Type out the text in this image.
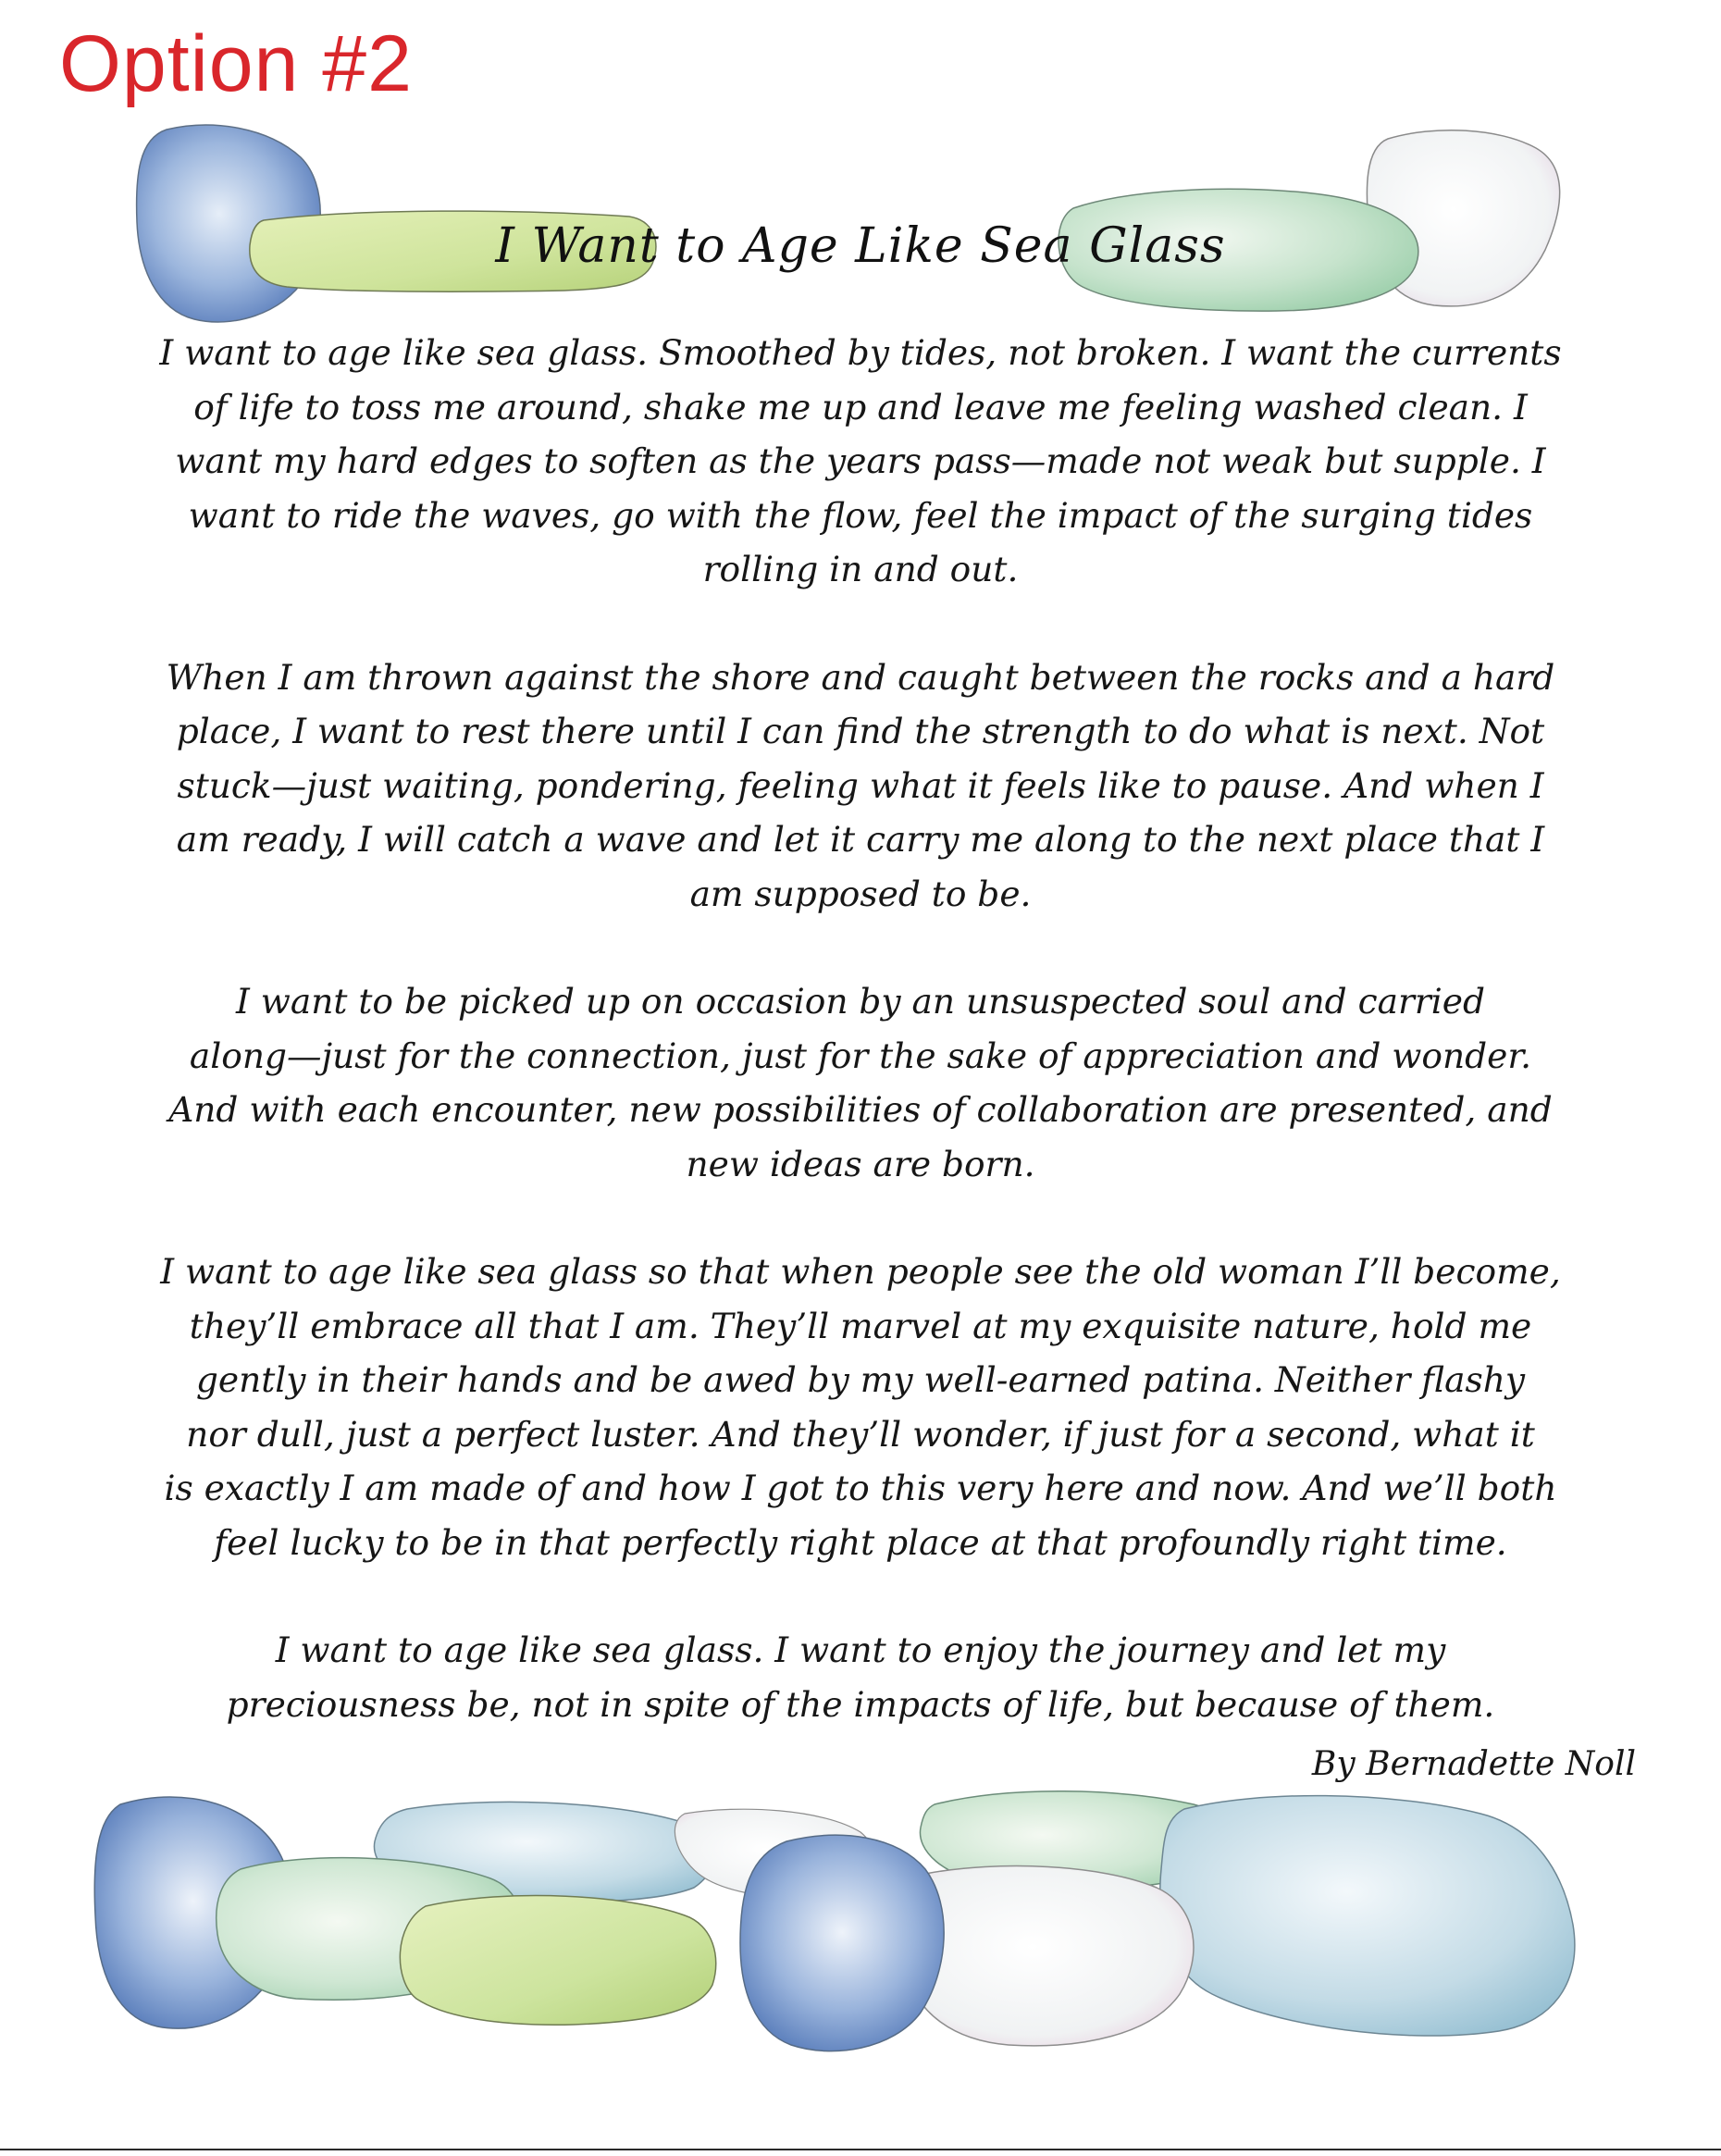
Option #2
I Want to Age Like Sea Glass
I want to age like sea glass. Smoothed by tides, not broken. I want the currents
of life to toss me around, shake me up and leave me feeling washed clean. I
want my hard edges to soften as the years pass—made not weak but supple. I
want to ride the waves, go with the flow, feel the impact of the surging tides
rolling in and out.
When I am thrown against the shore and caught between the rocks and a hard
place, I want to rest there until I can find the strength to do what is next. Not
stuck—just waiting, pondering, feeling what it feels like to pause. And when I
am ready, I will catch a wave and let it carry me along to the next place that I
am supposed to be.
I want to be picked up on occasion by an unsuspected soul and carried
along—just for the connection, just for the sake of appreciation and wonder.
And with each encounter, new possibilities of collaboration are presented, and
new ideas are born.
I want to age like sea glass so that when people see the old woman I’ll become,
they’ll embrace all that I am. They’ll marvel at my exquisite nature, hold me
gently in their hands and be awed by my well-earned patina. Neither flashy
nor dull, just a perfect luster. And they’ll wonder, if just for a second, what it
is exactly I am made of and how I got to this very here and now. And we’ll both
feel lucky to be in that perfectly right place at that profoundly right time.
I want to age like sea glass. I want to enjoy the journey and let my
preciousness be, not in spite of the impacts of life, but because of them.
By Bernadette Noll
